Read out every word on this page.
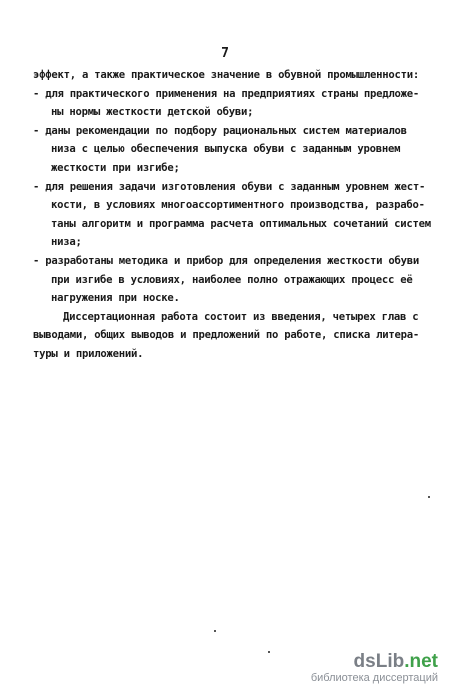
7
эффект, а также практическое значение в обувной промышленности:
- для практического применения на предприятиях страны предложе-
ны нормы жесткости детской обуви;
- даны рекомендации по подбору рациональных систем материалов
низа с целью обеспечения выпуска обуви с заданным уровнем
жесткости при изгибе;
- для решения задачи изготовления обуви с заданным уровнем жест-
кости, в условиях многоассортиментного производства, разрабо-
таны алгоритм и программа расчета оптимальных сочетаний систем
низа;
- разработаны методика и прибор для определения жесткости обуви
при изгибе в условиях, наиболее полно отражающих процесс её
нагружения при носке.
Диссертационная работа состоит из введения, четырех глав с
выводами, общих выводов и предложений по работе, списка литера-
туры и приложений.
dsLib.net
библиотека диссертаций
